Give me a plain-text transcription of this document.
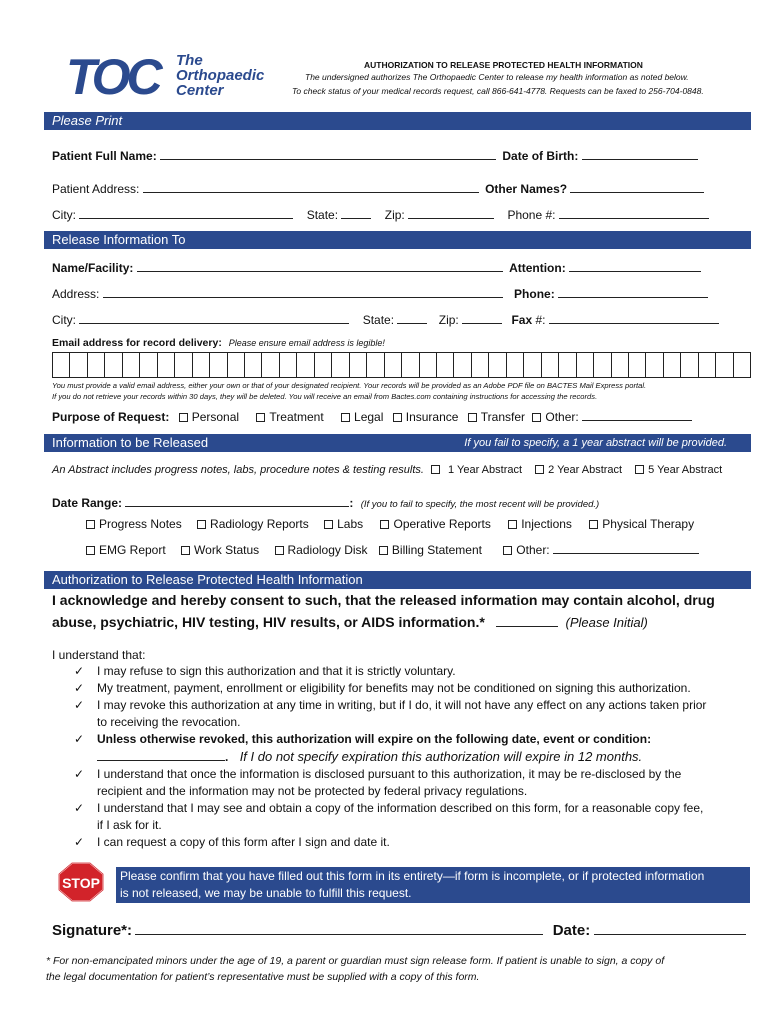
TOC	The
Orthopaedic
Center
AUTHORIZATION TO RELEASE PROTECTED HEALTH INFORMATION
The undersigned authorizes The Orthopaedic Center to release my health information as noted below.
To check status of your medical records request, call 866-641-4778. Requests can be faxed to 256-704-0848.
Please Print
Patient Full Name:	Date of Birth:
Patient Address:	Other Names?
City:	State:	Zip:	Phone #:
Release Information To
Name/Facility:	Attention:
Address:	Phone:
City:	State:	Zip:	Fax #:
Email address for record delivery: Please ensure email address is legible!
You must provide a valid email address, either your own or that of your designated recipient. Your records will be provided as an Adobe PDF file on BACTES Mail Express portal.
If you do not retrieve your records within 30 days, they will be deleted. You will receive an email from Bactes.com containing instructions for accessing the records.
Purpose of Request: Personal	Treatment	Legal Insurance Transfer Other:
Information to be Released	If you fail to specify, a 1 year abstract will be provided.
An Abstract includes progress notes, labs, procedure notes & testing results. 1 Year Abstract 2 Year Abstract 5 Year Abstract
Date Range:	: (If you to fail to specify, the most recent will be provided.)
Progress Notes Radiology Reports Labs	Operative Reports	Injections	Physical Therapy
EMG Report Work Status Radiology Disk Billing Statement	Other:
Authorization to Release Protected Health Information
I acknowledge and hereby consent to such, that the released information may contain alcohol, drug
abuse, psychiatric, HIV testing, HIV results, or AIDS information.*	(Please Initial)
I understand that:
✓ I may refuse to sign this authorization and that it is strictly voluntary.
✓ My treatment, payment, enrollment or eligibility for benefits may not be conditioned on signing this authorization.
✓ I may revoke this authorization at any time in writing, but if I do, it will not have any effect on any actions taken prior
to receiving the revocation.
✓ Unless otherwise revoked, this authorization will expire on the following date, event or condition:
. If I do not specify expiration this authorization will expire in 12 months.
✓ I understand that once the information is disclosed pursuant to this authorization, it may be re-disclosed by the
recipient and the information may not be protected by federal privacy regulations.
✓ I understand that I may see and obtain a copy of the information described on this form, for a reasonable copy fee,
if I ask for it.
✓ I can request a copy of this form after I sign and date it.
STOP Please confirm that you have filled out this form in its entirety—if form is incomplete, or if protected information
is not released, we may be unable to fulfill this request.
Signature*:	Date:
* For non-emancipated minors under the age of 19, a parent or guardian must sign release form. If patient is unable to sign, a copy of
the legal documentation for patient’s representative must be supplied with a copy of this form.
